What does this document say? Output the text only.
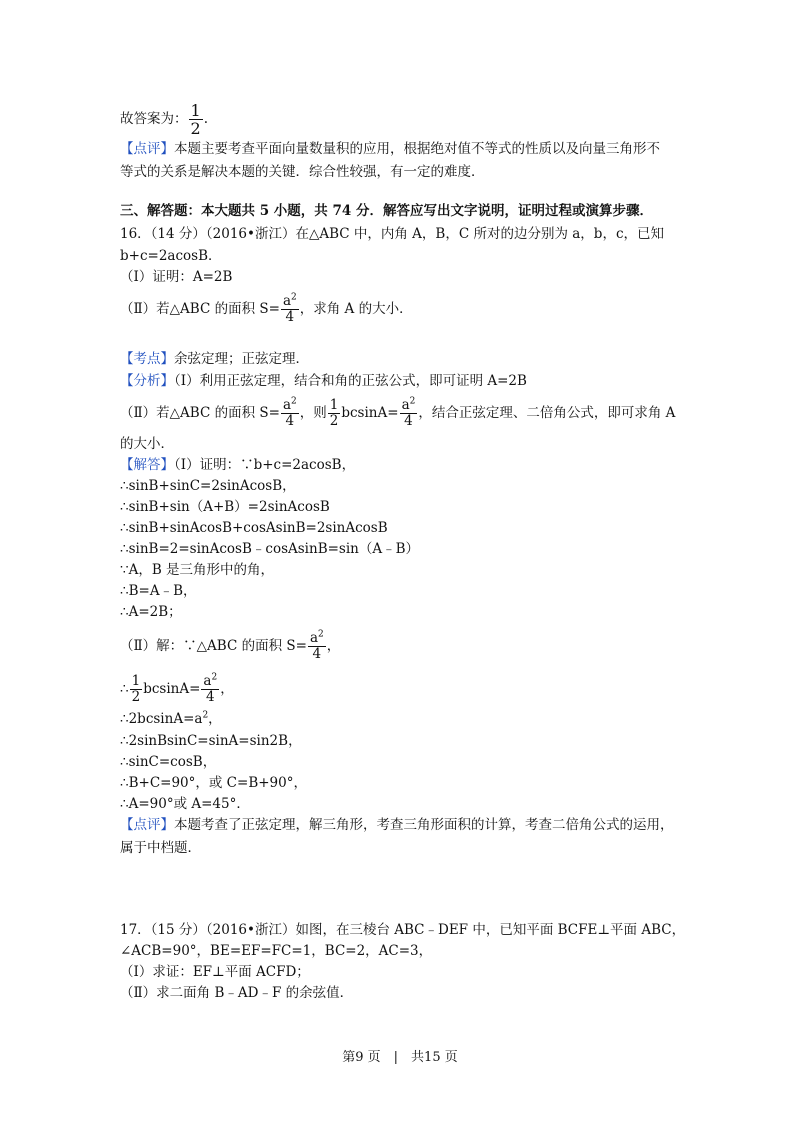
故答案为： $\frac{1}{2}$ .
【点评】本题主要考查平面向量数量积的应用，根据绝对值不等式的性质以及向量三角形不
等式的关系是解决本题的关键．综合性较强，有一定的难度．
三、解答题：本大题共 5 小题，共 74 分．解答应写出文字说明，证明过程或演算步骤．
16．（14 分）（2016•浙江）在△ABC 中，内角 A，B，C 所对的边分别为 a，b，c，已知
b+c=2acosB．
（Ⅰ）证明：A=2B
（Ⅱ）若△ABC 的面积 $S= \frac{a^2}{4}$ ，求角 A 的大小．
【考点】余弦定理；正弦定理．
【分析】（Ⅰ）利用正弦定理，结合和角的正弦公式，即可证明 A=2B
（Ⅱ）若△ABC 的面积 $S= \frac{a^2}{4}$ ，则 $\frac{1}{2} bcsinA= \frac{a^2}{4}$ ，结合正弦定理、二倍角公式，即可求角 A
的大小．
【解答】（Ⅰ）证明：∵b+c=2acosB，
∴sinB+sinC=2sinAcosB，
∴sinB+sin（A+B）=2sinAcosB
∴sinB+sinAcosB+cosAsinB=2sinAcosB
∴sinB=2=sinAcosB﹣cosAsinB=sin（A﹣B）
∵A，B 是三角形中的角，
∴B=A﹣B，
∴A=2B；
（Ⅱ）解：∵△ABC 的面积 $S= \frac{a^2}{4}$ ，
∴ $\frac{1}{2} bcsinA= \frac{a^2}{4}$ ，
$\therefore 2bcsinA=a^2$，
∴2sinBsinC=sinA=sin2B，
∴sinC=cosB，
∴B+C=90°，或 C=B+90°，
∴A=90°或 A=45°．
【点评】本题考查了正弦定理，解三角形，考查三角形面积的计算，考查二倍角公式的运用，
属于中档题．
17．（15 分）（2016•浙江）如图，在三棱台 ABC﹣DEF 中，已知平面 BCFE⊥平面 ABC，
∠ACB=90°，BE=EF=FC=1，BC=2，AC=3，
（Ⅰ）求证：EF⊥平面 ACFD；
（Ⅱ）求二面角 B﹣AD﹣F 的余弦值．
第9 页　|　共15 页
